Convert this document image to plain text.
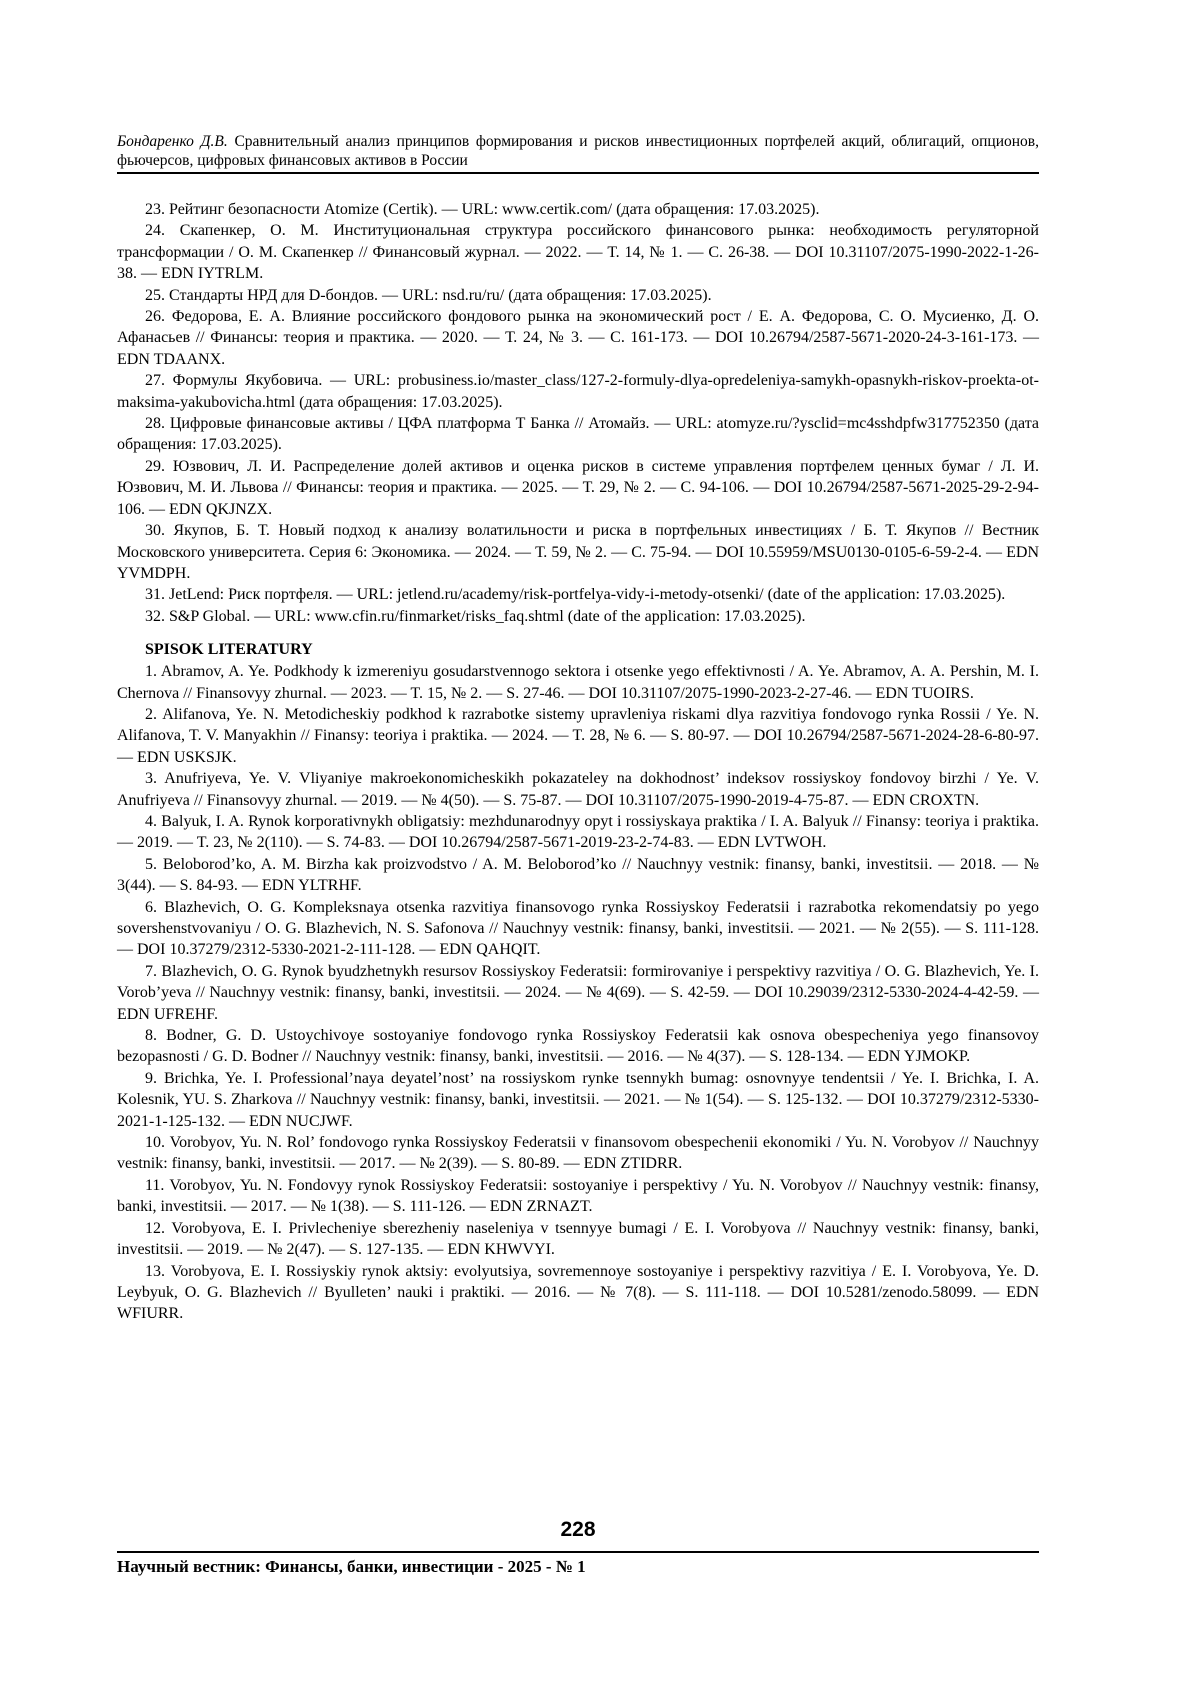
Бондаренко Д.В. Сравнительный анализ принципов формирования и рисков инвестиционных портфелей акций, облигаций, опционов, фьючерсов, цифровых финансовых активов в России

23. Рейтинг безопасности Atomize (Certik). — URL: www.certik.com/ (дата обращения: 17.03.2025).

24. Скапенкер, О. М. Институциональная структура российского финансового рынка: необходимость регуляторной трансформации / О. М. Скапенкер // Финансовый журнал. — 2022. — Т. 14, № 1. — С. 26-38. — DOI 10.31107/2075-1990-2022-1-26-38. — EDN IYTRLM.

25. Стандарты НРД для D-бондов. — URL: nsd.ru/ru/ (дата обращения: 17.03.2025).

26. Федорова, Е. А. Влияние российского фондового рынка на экономический рост / Е. А. Федорова, С. О. Мусиенко, Д. О. Афанасьев // Финансы: теория и практика. — 2020. — Т. 24, № 3. — С. 161-173. — DOI 10.26794/2587-5671-2020-24-3-161-173. — EDN TDAANX.

27. Формулы Якубовича. — URL: probusiness.io/master_class/127-2-formuly-dlya-opredeleniya-samykh-opasnykh-riskov-proekta-ot-maksima-yakubovicha.html (дата обращения: 17.03.2025).

28. Цифровые финансовые активы / ЦФА платформа Т Банка // Атомайз. — URL: atomyze.ru/?ysclid=mc4sshdpfw317752350 (дата обращения: 17.03.2025).

29. Юзвович, Л. И. Распределение долей активов и оценка рисков в системе управления портфелем ценных бумаг / Л. И. Юзвович, М. И. Львова // Финансы: теория и практика. — 2025. — Т. 29, № 2. — С. 94-106. — DOI 10.26794/2587-5671-2025-29-2-94-106. — EDN QKJNZX.

30. Якупов, Б. Т. Новый подход к анализу волатильности и риска в портфельных инвестициях / Б. Т. Якупов // Вестник Московского университета. Серия 6: Экономика. — 2024. — Т. 59, № 2. — С. 75-94. — DOI 10.55959/MSU0130-0105-6-59-2-4. — EDN YVMDPH.

31. JetLend: Риск портфеля. — URL: jetlend.ru/academy/risk-portfelya-vidy-i-metody-otsenki/ (date of the application: 17.03.2025).

32. S&P Global. — URL: www.cfin.ru/finmarket/risks_faq.shtml (date of the application: 17.03.2025).

SPISOK LITERATURY

1. Abramov, A. Ye. Podkhody k izmereniyu gosudarstvennogo sektora i otsenke yego effektivnosti / A. Ye. Abramov, A. A. Pershin, M. I. Chernova // Finansovyy zhurnal. — 2023. — T. 15, № 2. — S. 27-46. — DOI 10.31107/2075-1990-2023-2-27-46. — EDN TUOIRS.

2. Alifanova, Ye. N. Metodicheskiy podkhod k razrabotke sistemy upravleniya riskami dlya razvitiya fondovogo rynka Rossii / Ye. N. Alifanova, T. V. Manyakhin // Finansy: teoriya i praktika. — 2024. — T. 28, № 6. — S. 80-97. — DOI 10.26794/2587-5671-2024-28-6-80-97. — EDN USKSJK.

3. Anufriyeva, Ye. V. Vliyaniye makroekonomicheskikh pokazateley na dokhodnost’ indeksov rossiyskoy fondovoy birzhi / Ye. V. Anufriyeva // Finansovyy zhurnal. — 2019. — № 4(50). — S. 75-87. — DOI 10.31107/2075-1990-2019-4-75-87. — EDN CROXTN.

4. Balyuk, I. A. Rynok korporativnykh obligatsiy: mezhdunarodnyy opyt i rossiyskaya praktika / I. A. Balyuk // Finansy: teoriya i praktika. — 2019. — T. 23, № 2(110). — S. 74-83. — DOI 10.26794/2587-5671-2019-23-2-74-83. — EDN LVTWOH.

5. Beloborod’ko, A. M. Birzha kak proizvodstvo / A. M. Beloborod’ko // Nauchnyy vestnik: finansy, banki, investitsii. — 2018. — № 3(44). — S. 84-93. — EDN YLTRHF.

6. Blazhevich, O. G. Kompleksnaya otsenka razvitiya finansovogo rynka Rossiyskoy Federatsii i razrabotka rekomendatsiy po yego sovershenstvovaniyu / O. G. Blazhevich, N. S. Safonova // Nauchnyy vestnik: finansy, banki, investitsii. — 2021. — № 2(55). — S. 111-128. — DOI 10.37279/2312-5330-2021-2-111-128. — EDN QAHQIT.

7. Blazhevich, O. G. Rynok byudzhetnykh resursov Rossiyskoy Federatsii: formirovaniye i perspektivy razvitiya / O. G. Blazhevich, Ye. I. Vorob’yeva // Nauchnyy vestnik: finansy, banki, investitsii. — 2024. — № 4(69). — S. 42-59. — DOI 10.29039/2312-5330-2024-4-42-59. — EDN UFREHF.

8. Bodner, G. D. Ustoychivoye sostoyaniye fondovogo rynka Rossiyskoy Federatsii kak osnova obespecheniya yego finansovoy bezopasnosti / G. D. Bodner // Nauchnyy vestnik: finansy, banki, investitsii. — 2016. — № 4(37). — S. 128-134. — EDN YJMOKP.

9. Brichka, Ye. I. Professional’naya deyatel’nost’ na rossiyskom rynke tsennykh bumag: osnovnyye tendentsii / Ye. I. Brichka, I. A. Kolesnik, YU. S. Zharkova // Nauchnyy vestnik: finansy, banki, investitsii. — 2021. — № 1(54). — S. 125-132. — DOI 10.37279/2312-5330-2021-1-125-132. — EDN NUCJWF.

10. Vorobyov, Yu. N. Rol’ fondovogo rynka Rossiyskoy Federatsii v finansovom obespechenii ekonomiki / Yu. N. Vorobyov // Nauchnyy vestnik: finansy, banki, investitsii. — 2017. — № 2(39). — S. 80-89. — EDN ZTIDRR.

11. Vorobyov, Yu. N. Fondovyy rynok Rossiyskoy Federatsii: sostoyaniye i perspektivy / Yu. N. Vorobyov // Nauchnyy vestnik: finansy, banki, investitsii. — 2017. — № 1(38). — S. 111-126. — EDN ZRNAZT.

12. Vorobyova, E. I. Privlecheniye sberezheniy naseleniya v tsennyye bumagi / E. I. Vorobyova // Nauchnyy vestnik: finansy, banki, investitsii. — 2019. — № 2(47). — S. 127-135. — EDN KHWVYI.

13. Vorobyova, E. I. Rossiyskiy rynok aktsiy: evolyutsiya, sovremennoye sostoyaniye i perspektivy razvitiya / E. I. Vorobyova, Ye. D. Leybyuk, O. G. Blazhevich // Byulleten’ nauki i praktiki. — 2016. — № 7(8). — S. 111-118. — DOI 10.5281/zenodo.58099. — EDN WFIURR.

228
Научный вестник: Финансы, банки, инвестиции - 2025 - № 1
